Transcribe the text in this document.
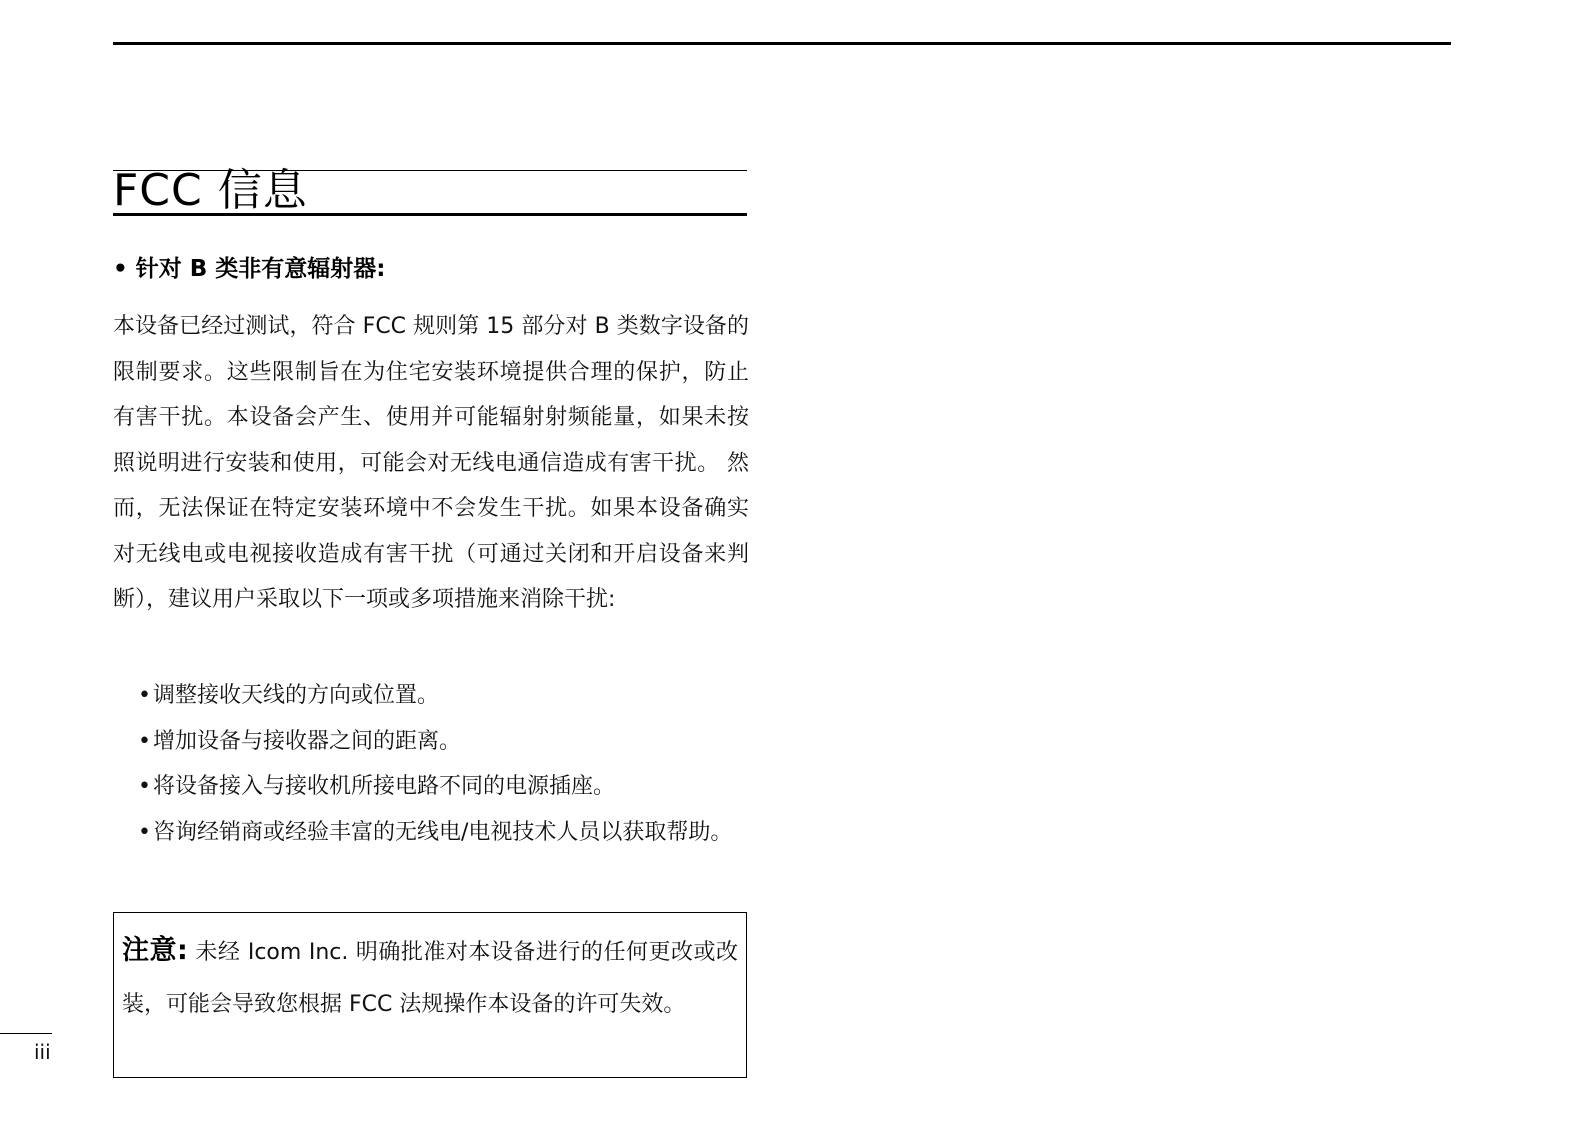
FCC 信息
• 针对 B 类非有意辐射器:
本设备已经过测试，符合 FCC 规则第 15 部分对 B 类数字设备的限制要求。这些限制旨在为住宅安装环境提供合理的保护，防止有害干扰。本设备会产生、使用并可能辐射射频能量，如果未按照说明进行安装和使用，可能会对无线电通信造成有害干扰。 然而，无法保证在特定安装环境中不会发生干扰。如果本设备确实对无线电或电视接收造成有害干扰（可通过关闭和开启设备来判断），建议用户采取以下一项或多项措施来消除干扰:
• 调整接收天线的方向或位置。
• 增加设备与接收器之间的距离。
• 将设备接入与接收机所接电路不同的电源插座。
• 咨询经销商或经验丰富的无线电/电视技术人员以获取帮助。
注意: 未经 Icom Inc. 明确批准对本设备进行的任何更改或改装，可能会导致您根据 FCC 法规操作本设备的许可失效。
iii
